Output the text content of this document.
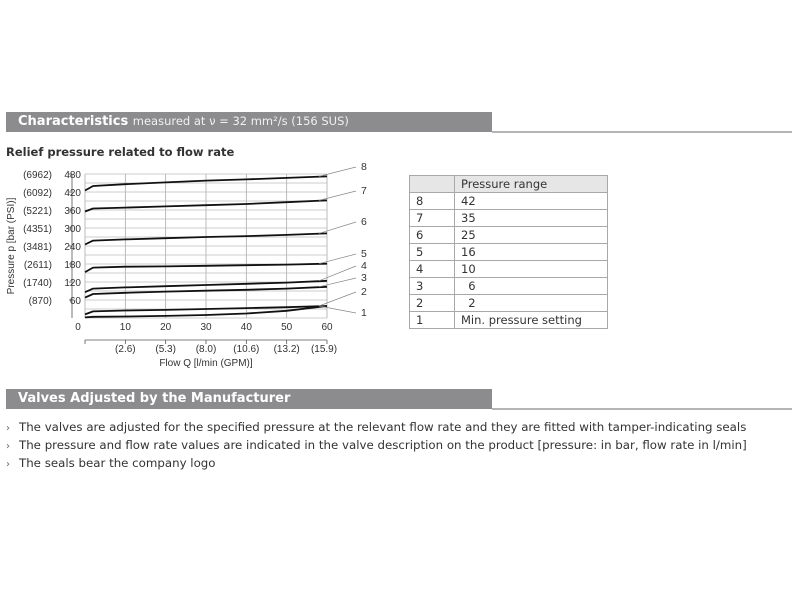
Characteristics measured at ν = 32 mm²/s (156 SUS)
Relief pressure related to flow rate
60
(870)
120
(1740)
180
(2611)
240
(3481)
300
(4351)
360
(5221)
420
(6092)
480
(6962)
Pressure p [bar (PSI)]
0	10	20	30	40	50	60
(2.6) (5.3) (8.0) (10.6) (13.2) (15.9)
Flow Q [l/min (GPM)]
8
7
6
5
4
3
2
1
	Pressure range
8	42
7	35
6	25
5	16
4	10
3	6
2	2
1	Min. pressure setting
Valves Adjusted by the Manufacturer
› The valves are adjusted for the specified pressure at the relevant flow rate and they are fitted with tamper-indicating seals
› The pressure and flow rate values are indicated in the valve description on the product [pressure: in bar, flow rate in l/min]
› The seals bear the company logo
